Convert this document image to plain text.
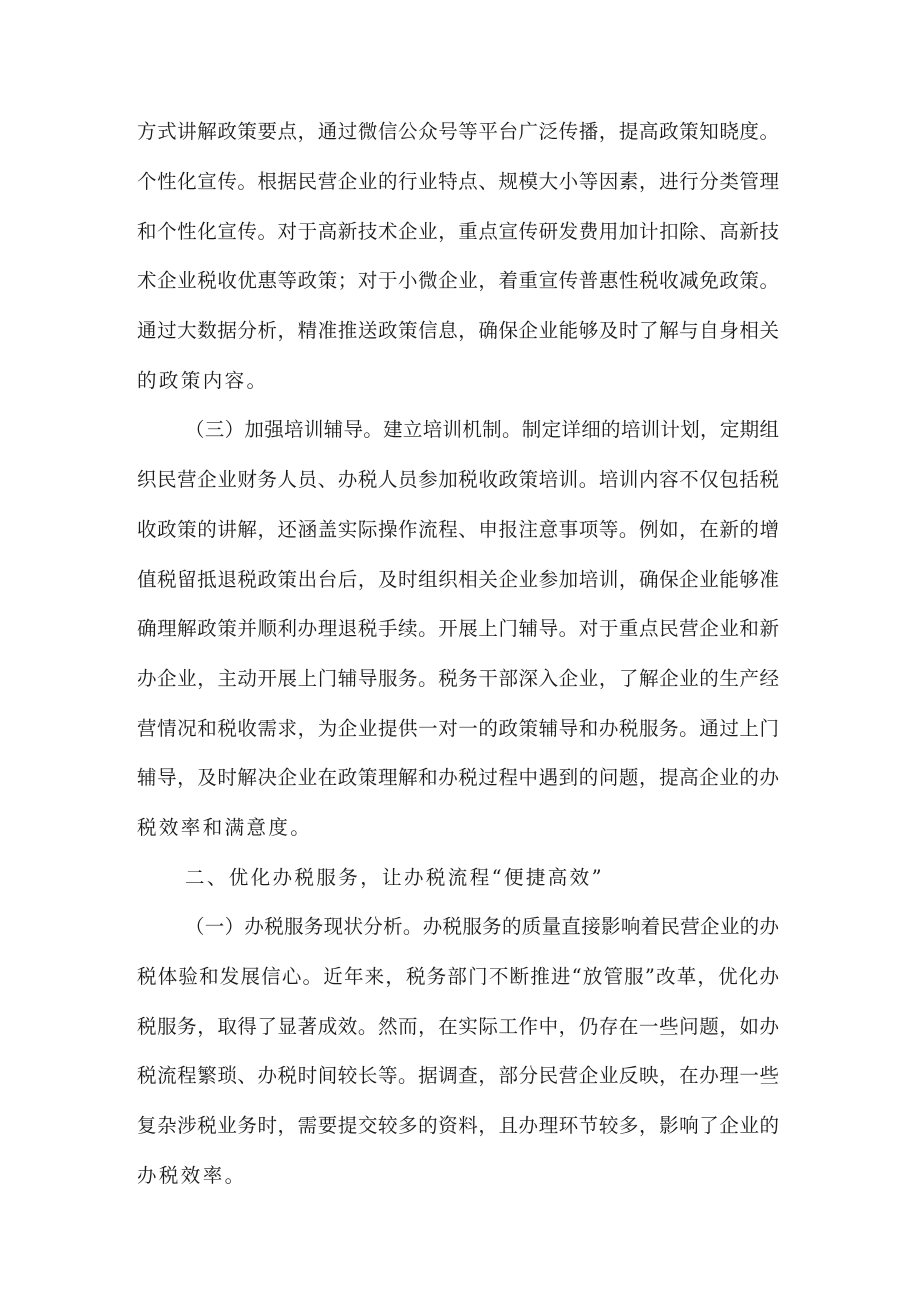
方式讲解政策要点，通过微信公众号等平台广泛传播，提高政策知晓度。
个性化宣传。根据民营企业的行业特点、规模大小等因素，进行分类管理
和个性化宣传。对于高新技术企业，重点宣传研发费用加计扣除、高新技
术企业税收优惠等政策；对于小微企业，着重宣传普惠性税收减免政策。
通过大数据分析，精准推送政策信息，确保企业能够及时了解与自身相关
的政策内容。
（三）加强培训辅导。建立培训机制。制定详细的培训计划，定期组
织民营企业财务人员、办税人员参加税收政策培训。培训内容不仅包括税
收政策的讲解，还涵盖实际操作流程、申报注意事项等。例如，在新的增
值税留抵退税政策出台后，及时组织相关企业参加培训，确保企业能够准
确理解政策并顺利办理退税手续。开展上门辅导。对于重点民营企业和新
办企业，主动开展上门辅导服务。税务干部深入企业，了解企业的生产经
营情况和税收需求，为企业提供一对一的政策辅导和办税服务。通过上门
辅导，及时解决企业在政策理解和办税过程中遇到的问题，提高企业的办
税效率和满意度。
二、优化办税服务，让办税流程“便捷高效”
（一）办税服务现状分析。办税服务的质量直接影响着民营企业的办
税体验和发展信心。近年来，税务部门不断推进“放管服”改革，优化办
税服务，取得了显著成效。然而，在实际工作中，仍存在一些问题，如办
税流程繁琐、办税时间较长等。据调查，部分民营企业反映，在办理一些
复杂涉税业务时，需要提交较多的资料，且办理环节较多，影响了企业的
办税效率。
